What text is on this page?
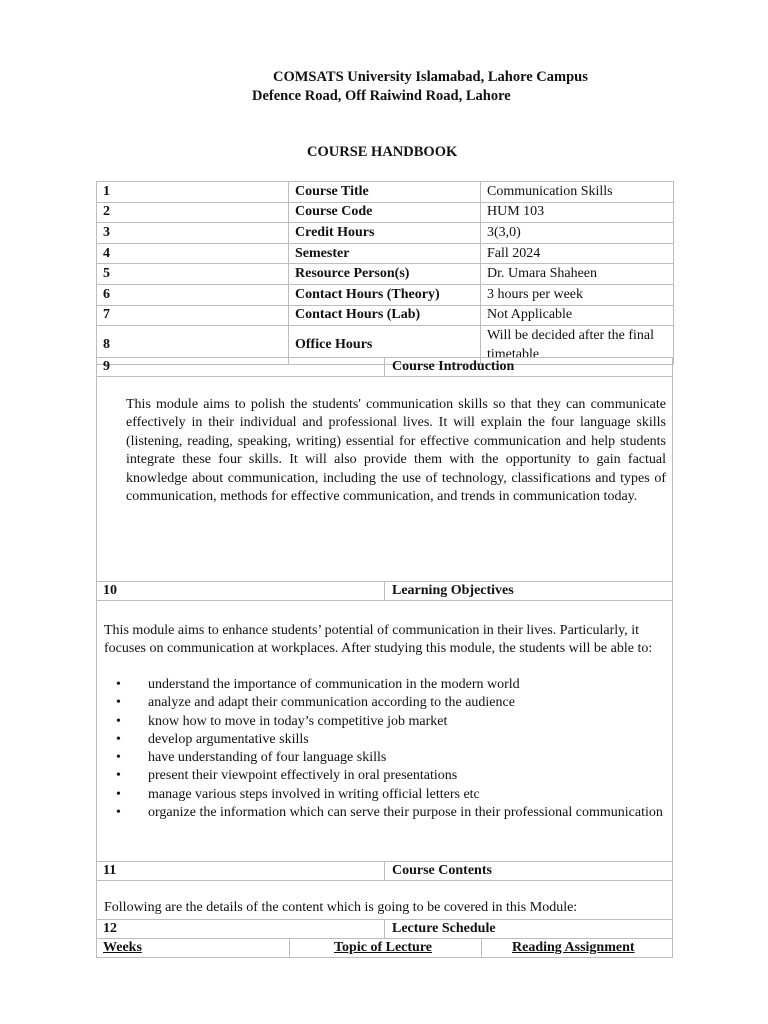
COMSATS University Islamabad, Lahore Campus
Defence Road, Off Raiwind Road, Lahore
COURSE HANDBOOK
1	Course Title	Communication Skills
2	Course Code	HUM 103
3	Credit Hours	3(3,0)
4	Semester	Fall 2024
5	Resource Person(s)	Dr. Umara Shaheen
6	Contact Hours (Theory)	3 hours per week
7	Contact Hours (Lab)	Not Applicable
8	Office Hours	Will be decided after the final timetable
9	Course Introduction
This module aims to polish the students' communication skills so that they can communicate effectively in their individual and professional lives. It will explain the four language skills (listening, reading, speaking, writing) essential for effective communication and help students integrate these four skills. It will also provide them with the opportunity to gain factual knowledge about communication, including the use of technology, classifications and types of communication, methods for effective communication, and trends in communication today.
10	Learning Objectives
This module aims to enhance students’ potential of communication in their lives. Particularly, it focuses on communication at workplaces. After studying this module, the students will be able to:
• understand the importance of communication in the modern world
• analyze and adapt their communication according to the audience
• know how to move in today’s competitive job market
• develop argumentative skills
• have understanding of four language skills
• present their viewpoint effectively in oral presentations
• manage various steps involved in writing official letters etc
• organize the information which can serve their purpose in their professional communication
11	Course Contents
Following are the details of the content which is going to be covered in this Module:
12	Lecture Schedule
Weeks	Topic of Lecture	Reading Assignment
